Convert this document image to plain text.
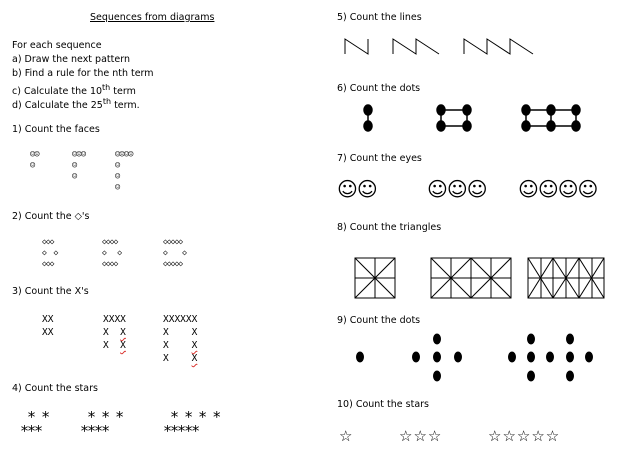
Sequences from diagrams
For each sequence
a) Draw the next pattern
b) Find a rule for the nth term
c) Calculate the 10th term
d) Calculate the 25th term.
1) Count the faces
☺☺
☺
☺☺☺
☺
☺
☺☺☺☺
☺
☺
☺
2) Count the ◇'s
◇◇◇
◇  ◇
◇◇◇
◇◇◇◇
◇   ◇
◇◇◇◇
◇◇◇◇◇
◇    ◇
◇◇◇◇◇
3) Count the X's
XX
XX
XXXX
X  X
X  X
XXXXXX
X    X
X    X
X    X
4) Count the stars
* *
***
* * *
****
* * * *
*****
5) Count the lines
6) Count the dots
7) Count the eyes
☺☺	☺☺☺ ☺☺☺☺
8) Count the triangles
9) Count the dots
10) Count the stars
☆	☆☆☆	☆☆☆☆☆
